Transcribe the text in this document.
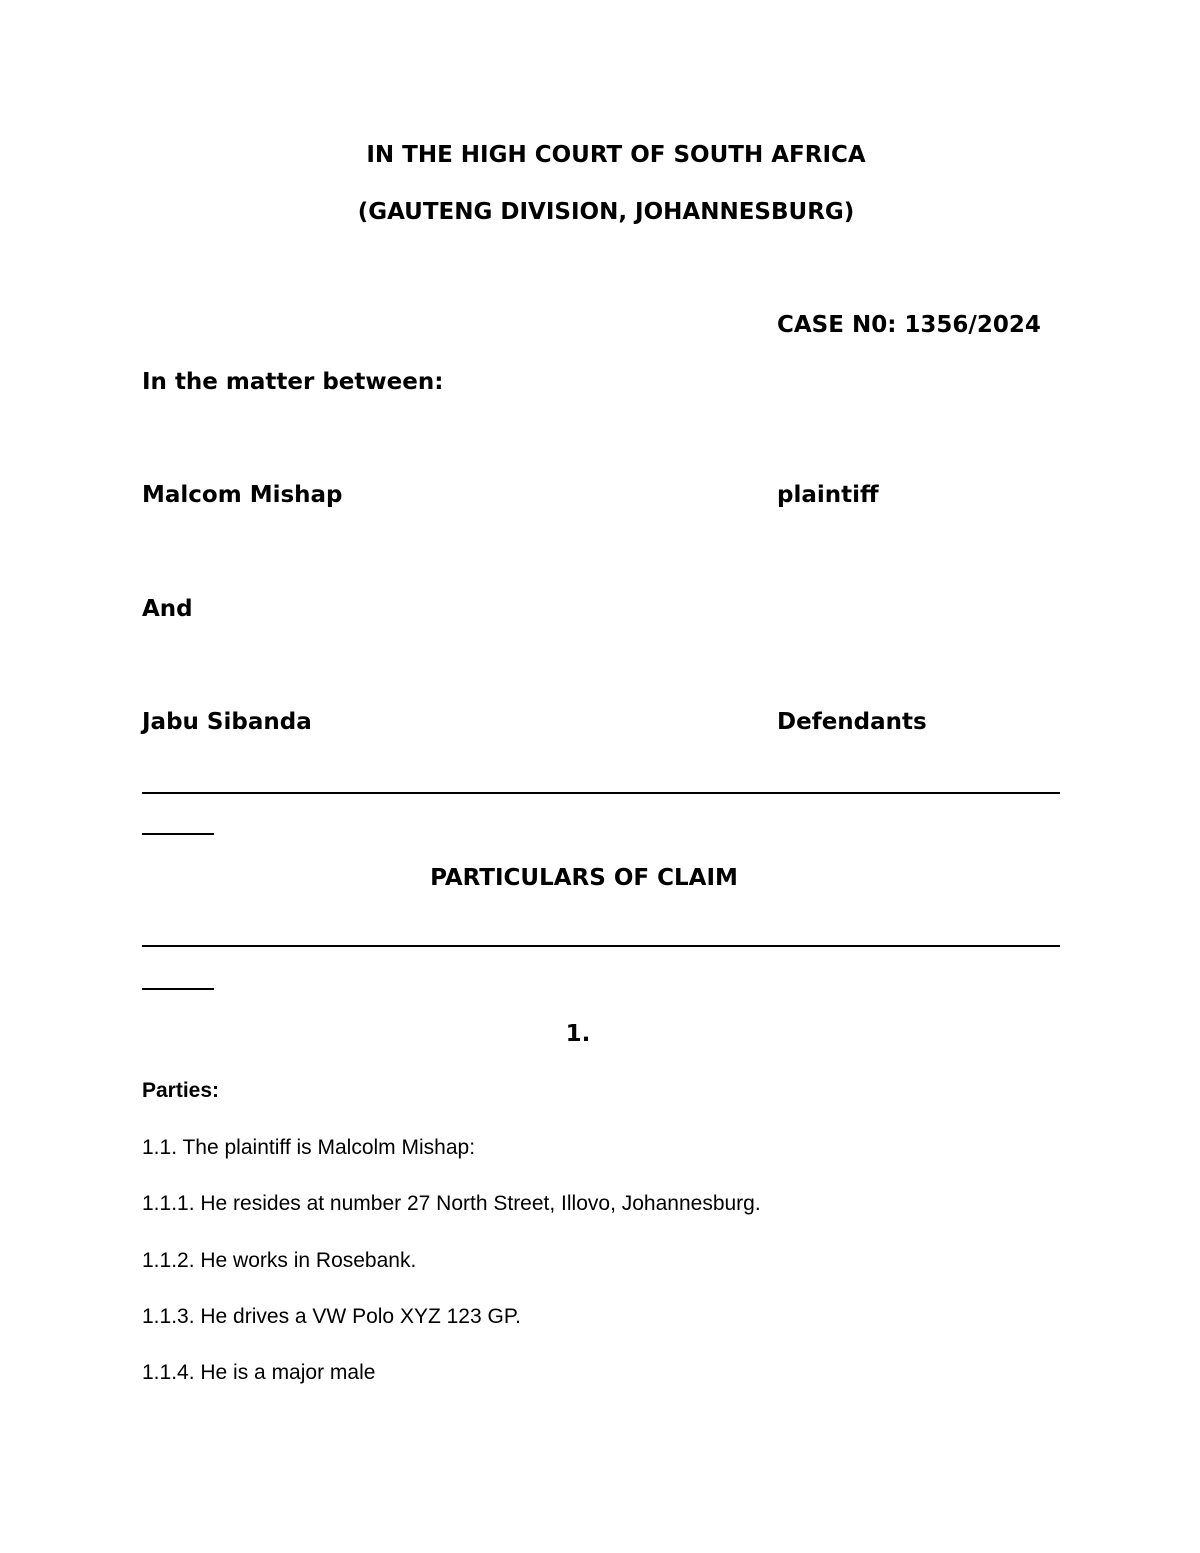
IN THE HIGH COURT OF SOUTH AFRICA
(GAUTENG DIVISION, JOHANNESBURG)
CASE N0: 1356/2024
In the matter between:
Malcom Mishap	plaintiff
And
Jabu Sibanda	Defendants
PARTICULARS OF CLAIM
1.
Parties:
1.1. The plaintiff is Malcolm Mishap:
1.1.1. He resides at number 27 North Street, Illovo, Johannesburg.
1.1.2. He works in Rosebank.
1.1.3. He drives a VW Polo XYZ 123 GP.
1.1.4. He is a major male
